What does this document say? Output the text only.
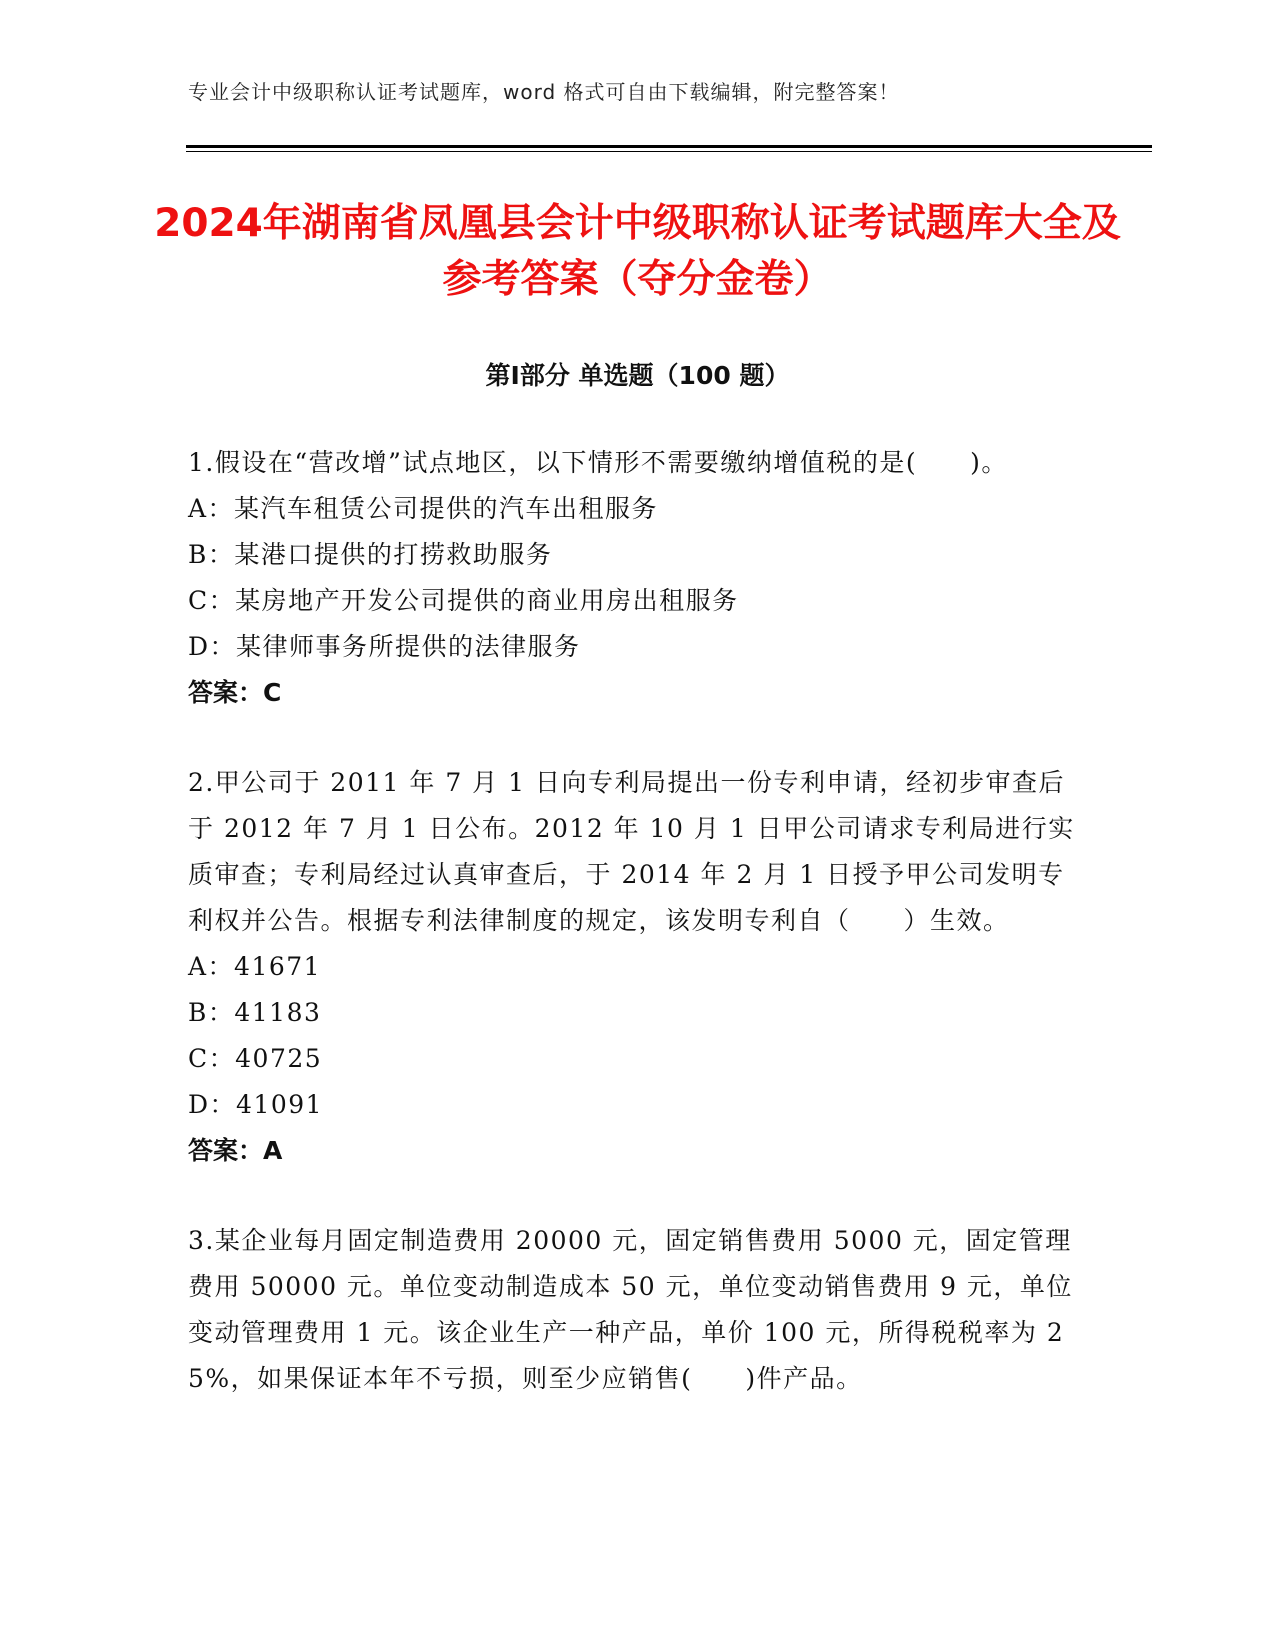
专业会计中级职称认证考试题库，word 格式可自由下载编辑，附完整答案！
2024年湖南省凤凰县会计中级职称认证考试题库大全及参考答案（夺分金卷）
第Ⅰ部分 单选题（100 题）

1.假设在“营改增”试点地区，以下情形不需要缴纳增值税的是(　　)。

A：某汽车租赁公司提供的汽车出租服务

B：某港口提供的打捞救助服务

C：某房地产开发公司提供的商业用房出租服务

D：某律师事务所提供的法律服务

答案：C

2.甲公司于 2011 年 7 月 1 日向专利局提出一份专利申请，经初步审查后于 2012 年 7 月 1 日公布。2012 年 10 月 1 日甲公司请求专利局进行实质审查；专利局经过认真审查后，于 2014 年 2 月 1 日授予甲公司发明专利权并公告。根据专利法律制度的规定，该发明专利自（　　）生效。

A：41671

B：41183

C：40725

D：41091

答案：A

3.某企业每月固定制造费用 20000 元，固定销售费用 5000 元，固定管理费用 50000 元。单位变动制造成本 50 元，单位变动销售费用 9 元，单位变动管理费用 1 元。该企业生产一种产品，单价 100 元，所得税税率为 25%，如果保证本年不亏损，则至少应销售(　　)件产品。
